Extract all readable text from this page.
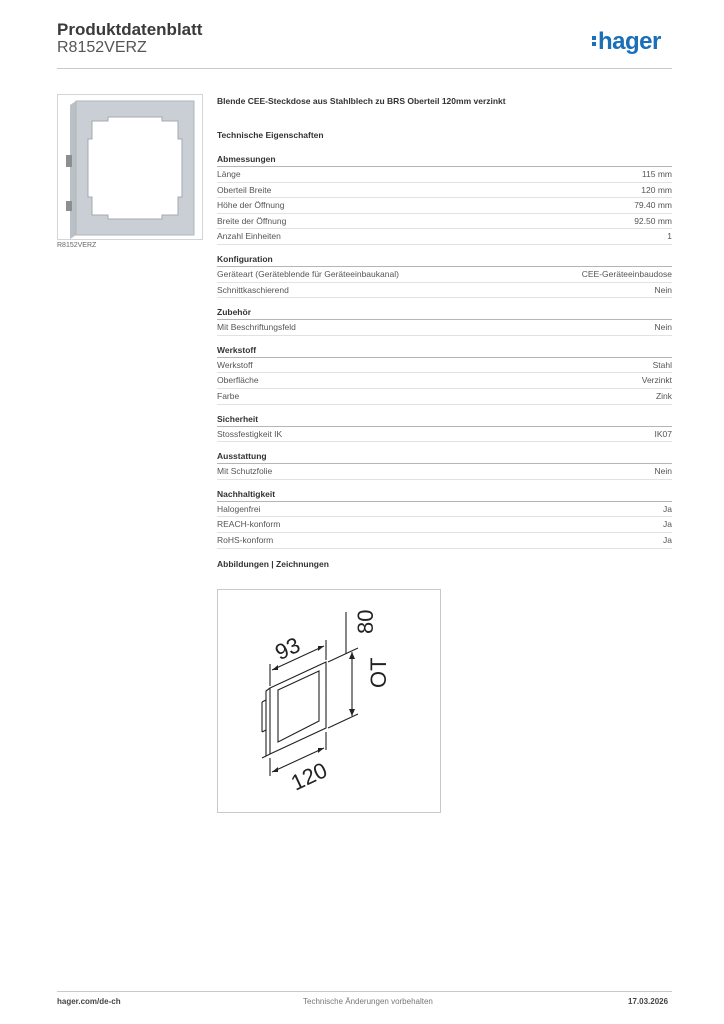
Produktdatenblatt
R8152VERZ	hager
R8152VERZ
Blende CEE-Steckdose aus Stahlblech zu BRS Oberteil 120mm verzinkt
Technische Eigenschaften
Abmessungen
Länge	115 mm
Oberteil Breite	120 mm
Höhe der Öffnung	79.40 mm
Breite der Öffnung	92.50 mm
Anzahl Einheiten	1
Konfiguration
Geräteart (Geräteblende für Geräteeinbaukanal)	CEE-Geräteeinbaudose
Schnittkaschierend	Nein
Zubehör
Mit Beschriftungsfeld	Nein
Werkstoff
Werkstoff	Stahl
Oberfläche	Verzinkt
Farbe	Zink
Sicherheit
Stossfestigkeit IK	IK07
Ausstattung
Mit Schutzfolie	Nein
Nachhaltigkeit
Halogenfrei	Ja
REACH-konform	Ja
RoHS-konform	Ja
Abbildungen | Zeichnungen
93
80
OT
120
hager.com/de-ch	Technische Änderungen vorbehalten	17.03.2026
